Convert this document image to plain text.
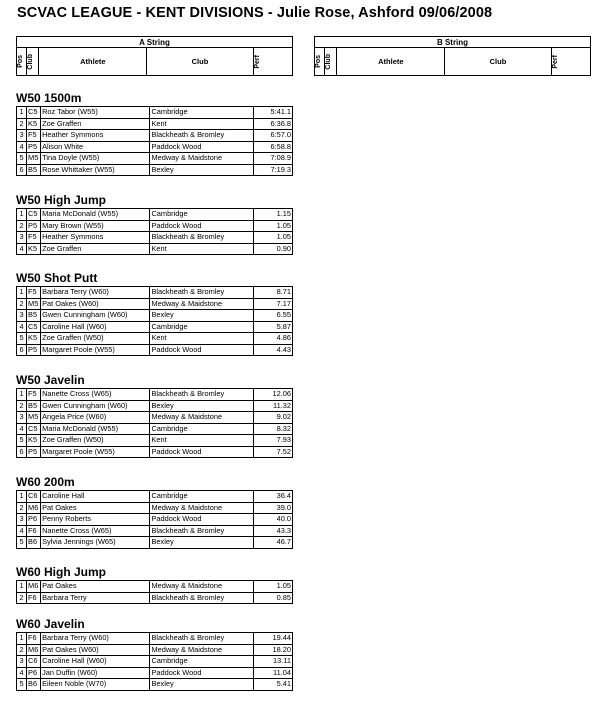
SCVAC LEAGUE - KENT DIVISIONS - Julie Rose, Ashford 09/06/2008
A String

Pos	Club	Athlete	Club	Perf
B String

Pos	Club	Athlete	Club	Perf
W50 1500m
1	C5	Roz Tabor (W55)	Cambridge	5:41.1
2	K5	Zoe Graffen	Kent	6:36.8
3	F5	Heather Symmons	Blackheath & Bromley	6:57.0
4	P5	Alison White	Paddock Wood	6:58.8
5	M5	Tina Doyle (W55)	Medway & Maidstone	7:08.9
6	B5	Rose Whittaker (W55)	Bexley	7:19.3
W50 High Jump
1	C5	Maria McDonald (W55)	Cambridge	1.15
2	P5	Mary Brown (W55)	Paddock Wood	1.05
3	F5	Heather Symmons	Blackheath & Bromley	1.05
4	K5	Zoe Graffen	Kent	0.90
W50 Shot Putt
1	F5	Barbara Terry (W60)	Blackheath & Bromley	8.71
2	M5	Pat Oakes (W60)	Medway & Maidstone	7.17
3	B5	Gwen Cunningham (W60)	Bexley	6.55
4	C5	Caroline Hall (W60)	Cambridge	5.87
5	K5	Zoe Graffen (W50)	Kent	4.86
6	P5	Margaret Poole (W55)	Paddock Wood	4.43
W50 Javelin
1	F5	Nanette Cross (W65)	Blackheath & Bromley	12.06
2	B5	Gwen Cunningham (W60)	Bexley	11.32
3	M5	Angela Price (W60)	Medway & Maidstone	9.02
4	C5	Maria McDonald (W55)	Cambridge	8.32
5	K5	Zoe Graffen (W50)	Kent	7.93
6	P5	Margaret Poole (W55)	Paddock Wood	7.52
W60 200m
1	C6	Caroline Hall	Cambridge	36.4
2	M6	Pat Oakes	Medway & Maidstone	39.0
3	P6	Penny Roberts	Paddock Wood	40.0
4	F6	Nanette Cross (W65)	Blackheath & Bromley	43.3
5	B6	Sylvia Jennings (W65)	Bexley	46.7
W60 High Jump
1	M6	Pat Oakes	Medway & Maidstone	1.05
2	F6	Barbara Terry	Blackheath & Bromley	0.85
W60 Javelin
1	F6	Barbara Terry (W60)	Blackheath & Bromley	19.44
2	M6	Pat Oakes (W60)	Medway & Maidstone	18.20
3	C6	Caroline Hall (W60)	Cambridge	13.11
4	P6	Jan Duffin (W60)	Paddock Wood	11.04
5	B6	Eileen Noble (W70)	Bexley	5.41
